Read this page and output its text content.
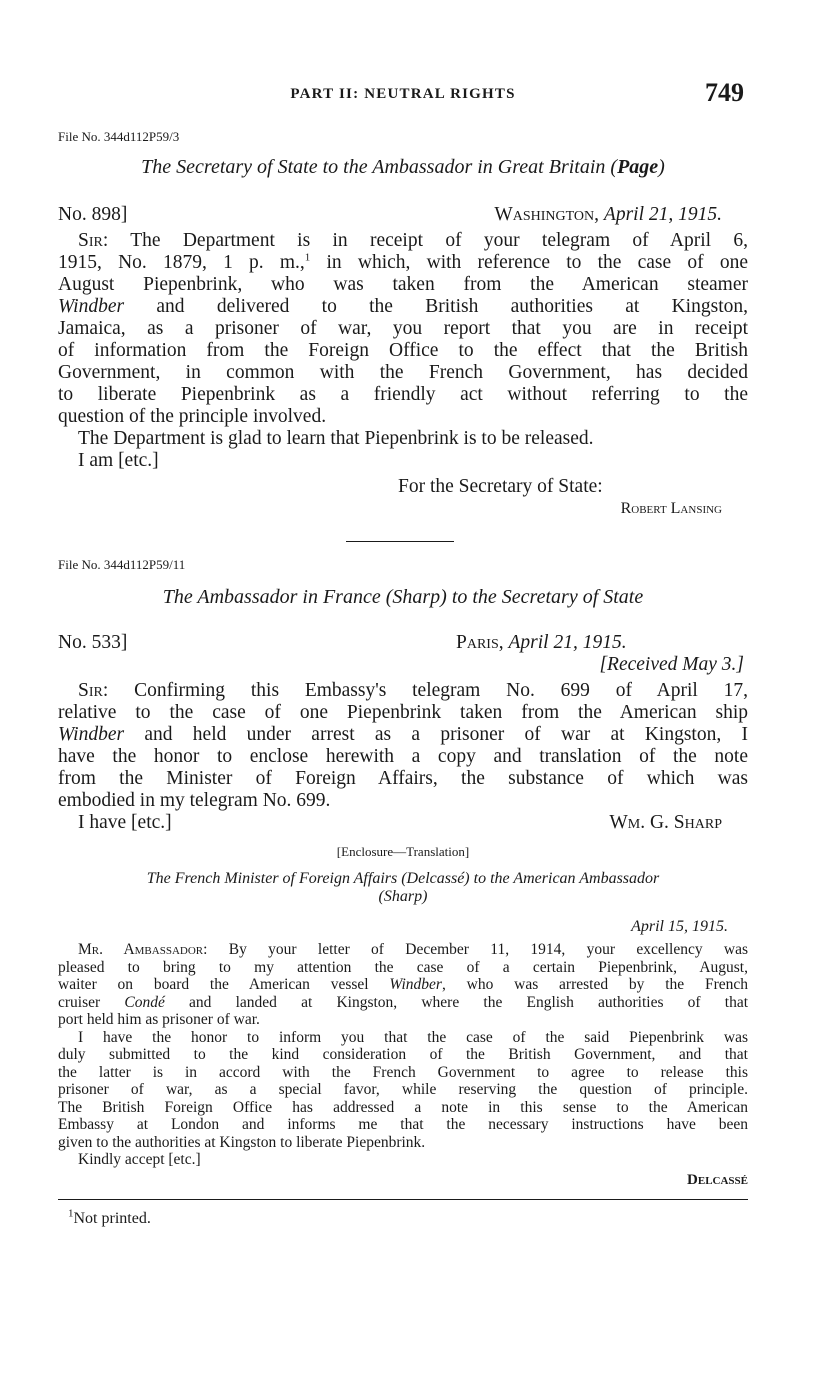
PART II: NEUTRAL RIGHTS	749
File No. 344d112P59/3
The Secretary of State to the Ambassador in Great Britain (Page)
No. 898]	Washington, April 21, 1915.
Sir: The Department is in receipt of your telegram of April 6,
1915, No. 1879, 1 p. m.,$^1$ in which, with reference to the case of one
August Piepenbrink, who was taken from the American steamer
Windber and delivered to the British authorities at Kingston,
Jamaica, as a prisoner of war, you report that you are in receipt
of information from the Foreign Office to the effect that the British
Government, in common with the French Government, has decided
to liberate Piepenbrink as a friendly act without referring to the
question of the principle involved.
The Department is glad to learn that Piepenbrink is to be released.
I am [etc.]
For the Secretary of State:
Robert Lansing
File No. 344d112P59/11
The Ambassador in France (Sharp) to the Secretary of State
No. 533]	Paris, April 21, 1915.
[Received May 3.]
Sir: Confirming this Embassy's telegram No. 699 of April 17,
relative to the case of one Piepenbrink taken from the American ship
Windber and held under arrest as a prisoner of war at Kingston, I
have the honor to enclose herewith a copy and translation of the note
from the Minister of Foreign Affairs, the substance of which was
embodied in my telegram No. 699.
I have [etc.]	Wm. G. Sharp
[Enclosure—Translation]
The French Minister of Foreign Affairs (Delcassé) to the American Ambassador
(Sharp)
April 15, 1915.
Mr. Ambassador: By your letter of December 11, 1914, your excellency was
pleased to bring to my attention the case of a certain Piepenbrink, August,
waiter on board the American vessel Windber, who was arrested by the French
cruiser Condé and landed at Kingston, where the English authorities of that
port held him as prisoner of war.
I have the honor to inform you that the case of the said Piepenbrink was
duly submitted to the kind consideration of the British Government, and that
the latter is in accord with the French Government to agree to release this
prisoner of war, as a special favor, while reserving the question of principle.
The British Foreign Office has addressed a note in this sense to the American
Embassy at London and informs me that the necessary instructions have been
given to the authorities at Kingston to liberate Piepenbrink.
Kindly accept [etc.]
Delcassé
$^1$Not printed.
